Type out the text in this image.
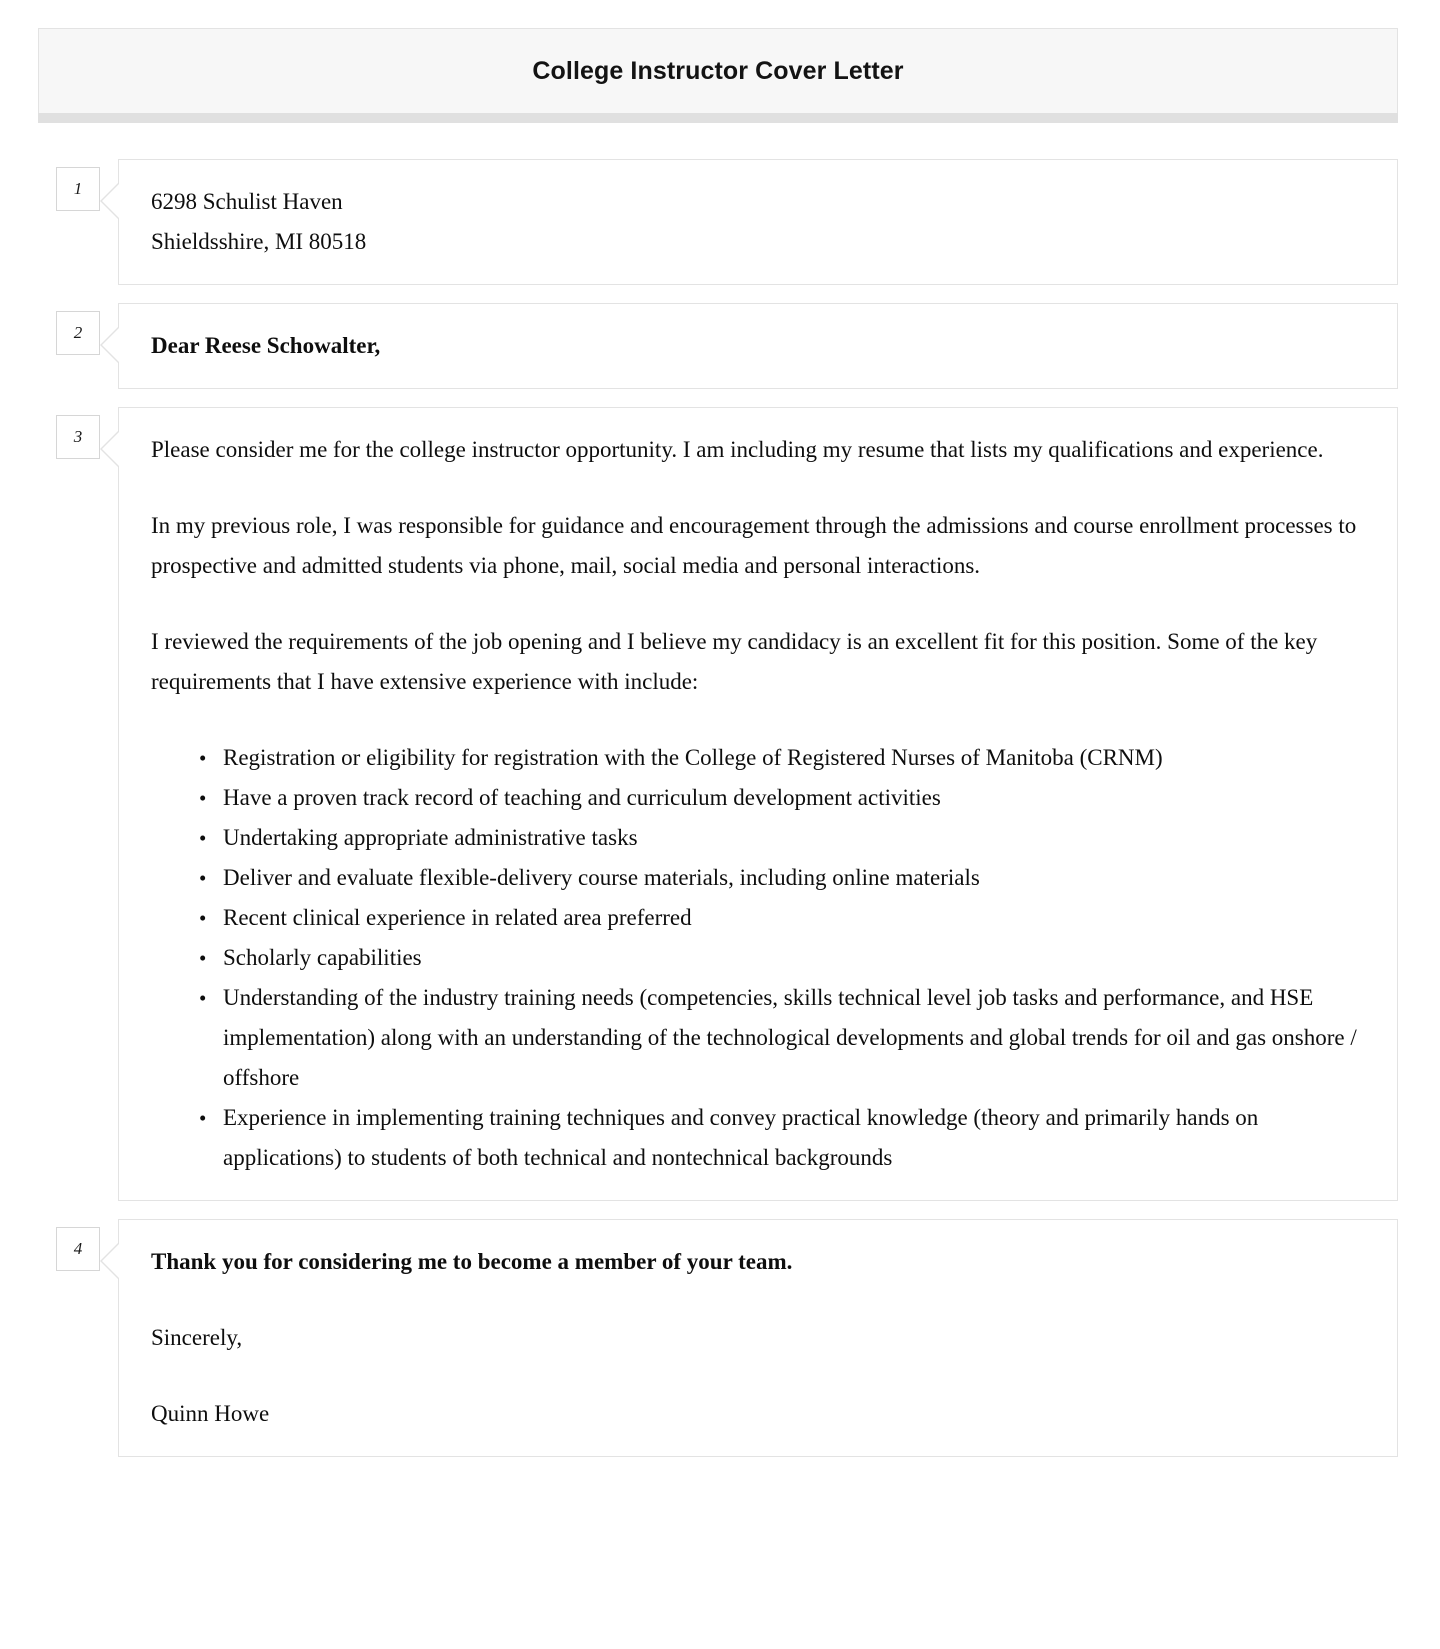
College Instructor Cover Letter
1
6298 Schulist Haven
Shieldsshire, MI 80518
2
Dear Reese Schowalter,
3

Please consider me for the college instructor opportunity. I am including my resume that lists my qualifications and experience.

In my previous role, I was responsible for guidance and encouragement through the admissions and course enrollment processes to prospective and admitted students via phone, mail, social media and personal interactions.

I reviewed the requirements of the job opening and I believe my candidacy is an excellent fit for this position. Some of the key requirements that I have extensive experience with include:

• Registration or eligibility for registration with the College of Registered Nurses of Manitoba (CRNM)
• Have a proven track record of teaching and curriculum development activities
• Undertaking appropriate administrative tasks
• Deliver and evaluate flexible-delivery course materials, including online materials
• Recent clinical experience in related area preferred
• Scholarly capabilities
• Understanding of the industry training needs (competencies, skills technical level job tasks and performance, and HSE implementation) along with an understanding of the technological developments and global trends for oil and gas onshore / offshore
• Experience in implementing training techniques and convey practical knowledge (theory and primarily hands on applications) to students of both technical and nontechnical backgrounds
4

Thank you for considering me to become a member of your team.

Sincerely,

Quinn Howe
